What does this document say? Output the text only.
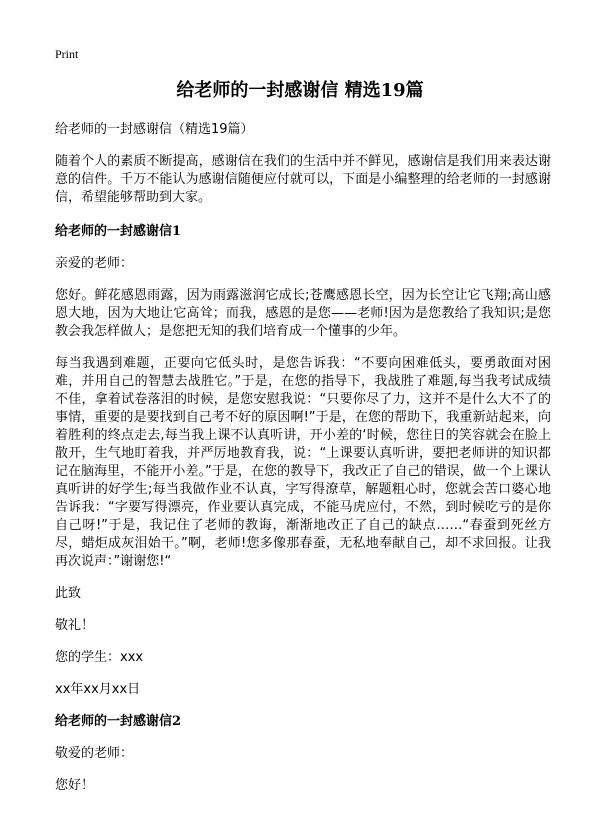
Print
给老师的一封感谢信 精选19篇

给老师的一封感谢信（精选19篇）

随着个人的素质不断提高，感谢信在我们的生活中并不鲜见，感谢信是我们用来表达谢意的信件。千万不能认为感谢信随便应付就可以，下面是小编整理的给老师的一封感谢信，希望能够帮助到大家。

给老师的一封感谢信1

亲爱的老师：

您好。鲜花感恩雨露，因为雨露滋润它成长;苍鹰感恩长空，因为长空让它飞翔;高山感恩大地，因为大地让它高耸；而我，感恩的是您——老师!因为是您教给了我知识;是您教会我怎样做人；是您把无知的我们培育成一个懂事的少年。

每当我遇到难题，正要向它低头时，是您告诉我：“不要向困难低头，要勇敢面对困难，并用自己的智慧去战胜它。”于是，在您的指导下，我战胜了难题,每当我考试成绩不佳，拿着试卷落泪的时候，是您安慰我说：“只要你尽了力，这并不是什么大不了的事情，重要的是要找到自己考不好的原因啊!”于是，在您的帮助下，我重新站起来，向着胜利的终点走去,每当我上课不认真听讲，开小差的‘时候，您往日的笑容就会在脸上散开，生气地盯着我，并严厉地教育我，说：“上课要认真听讲，要把老师讲的知识都记在脑海里，不能开小差。”于是，在您的教导下，我改正了自己的错误，做一个上课认真听讲的好学生;每当我做作业不认真，字写得潦草，解题粗心时，您就会苦口婆心地告诉我：“字要写得漂亮，作业要认真完成，不能马虎应付，不然，到时候吃亏的是你自己呀!”于是，我记住了老师的教诲，渐渐地改正了自己的缺点……“春蚕到死丝方尽，蜡炬成灰泪始干。”啊，老师!您多像那春蚕，无私地奉献自己，却不求回报。让我再次说声：”谢谢您!“

此致

敬礼！

您的学生：xxx

xx年xx月xx日

给老师的一封感谢信2

敬爱的老师：

您好！
